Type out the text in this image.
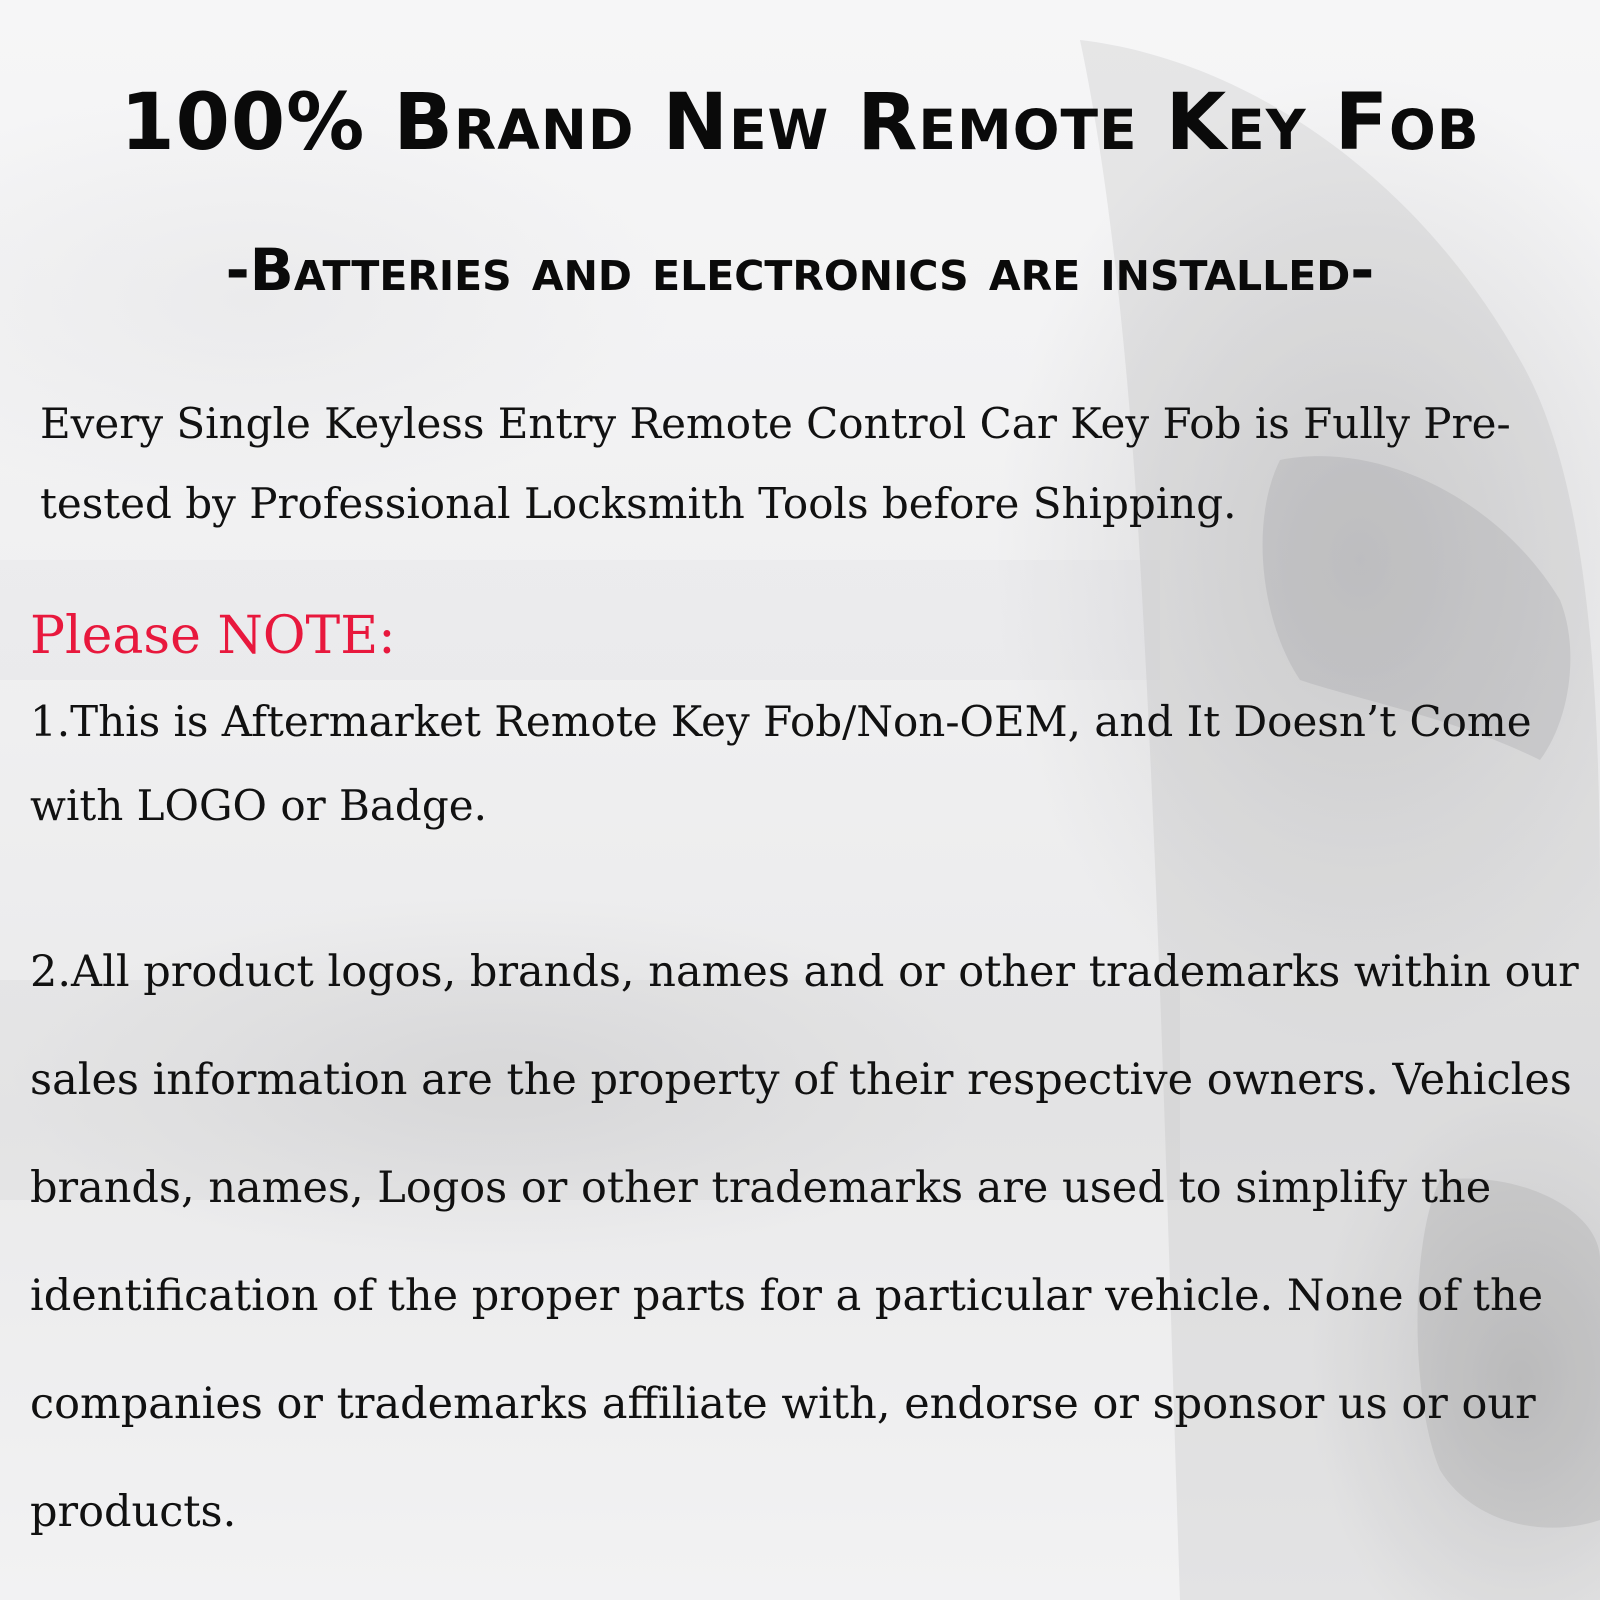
100% Brand New Remote Key Fob
-Batteries and electronics are installed-

Every Single Keyless Entry Remote Control Car Key Fob is Fully Pre-tested by Professional Locksmith Tools before Shipping.

Please NOTE:

1.This is Aftermarket Remote Key Fob/Non-OEM, and It Doesn’t Come with LOGO or Badge.

2.All product logos, brands, names and or other trademarks within our sales information are the property of their respective owners. Vehicles brands, names, Logos or other trademarks are used to simplify the identification of the proper parts for a particular vehicle. None of the companies or trademarks affiliate with, endorse or sponsor us or our products.
